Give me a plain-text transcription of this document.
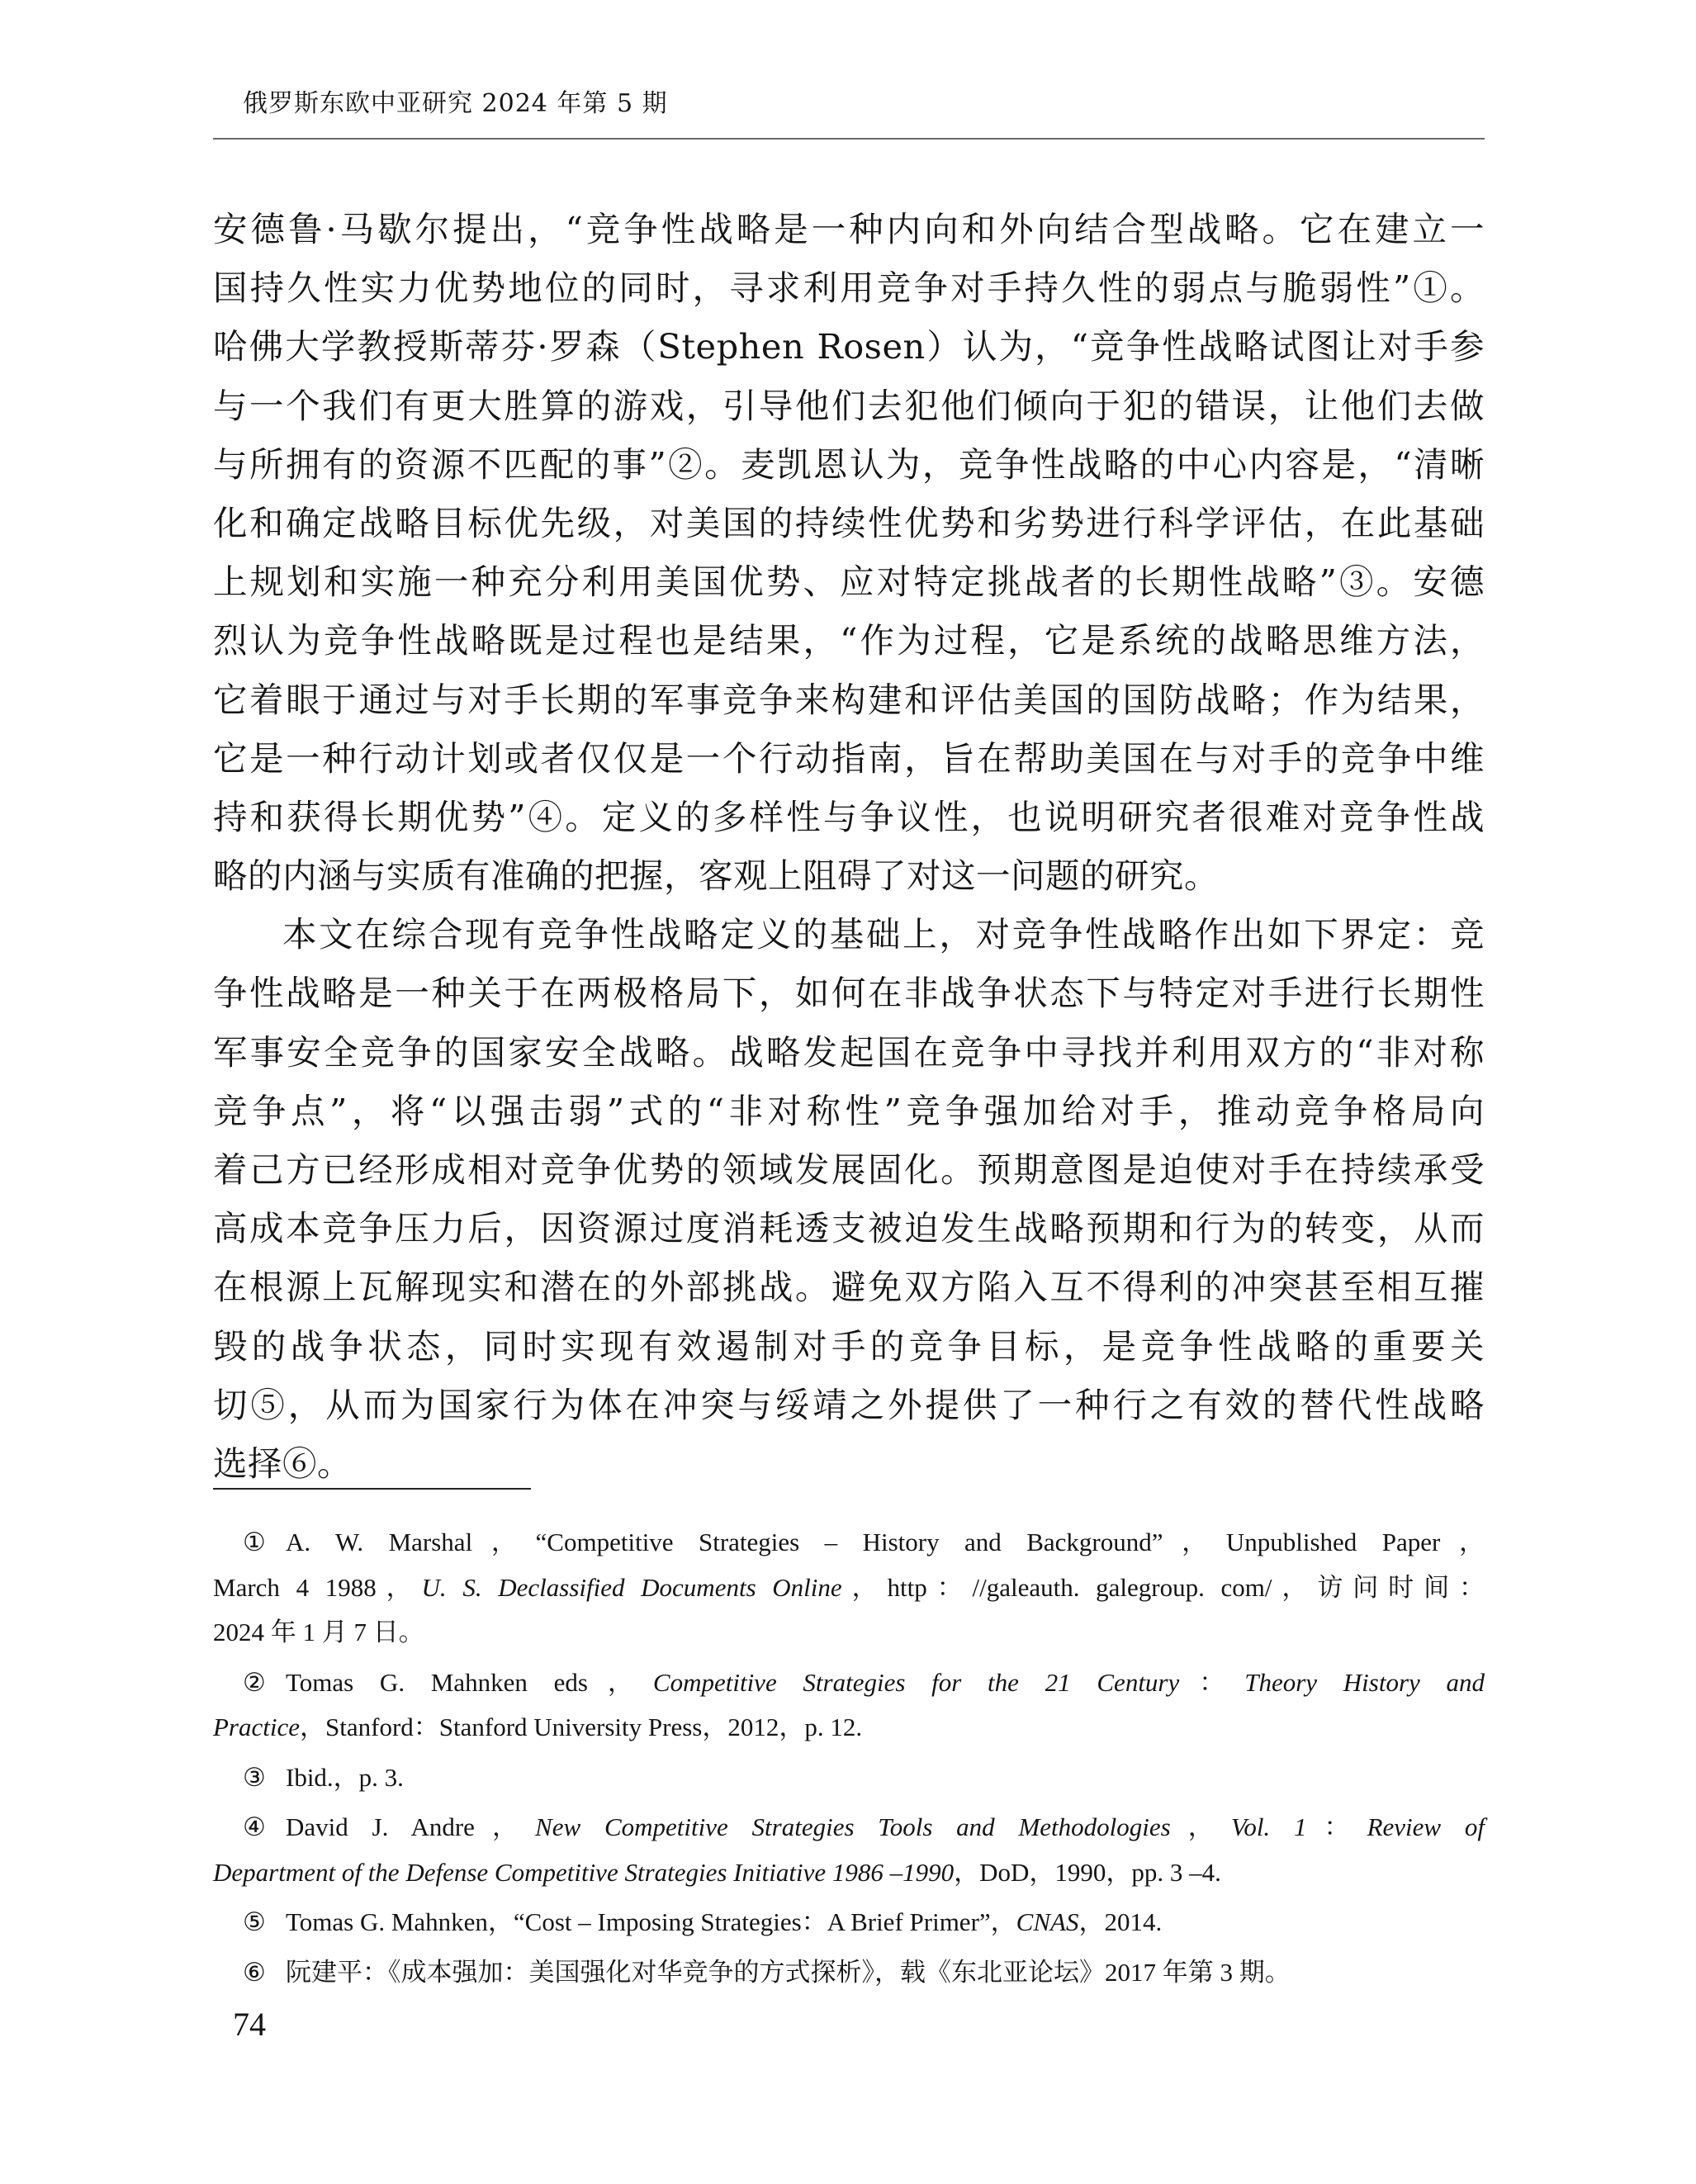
俄罗斯东欧中亚研究 2024 年第 5 期
安德鲁·马歇尔提出，“竞争性战略是一种内向和外向结合型战略。它在建立一
国持久性实力优势地位的同时，寻求利用竞争对手持久性的弱点与脆弱性”①。
哈佛大学教授斯蒂芬·罗森（Stephen Rosen）认为，“竞争性战略试图让对手参
与一个我们有更大胜算的游戏，引导他们去犯他们倾向于犯的错误，让他们去做
与所拥有的资源不匹配的事”②。麦凯恩认为，竞争性战略的中心内容是，“清晰
化和确定战略目标优先级，对美国的持续性优势和劣势进行科学评估，在此基础
上规划和实施一种充分利用美国优势、应对特定挑战者的长期性战略”③。安德
烈认为竞争性战略既是过程也是结果，“作为过程，它是系统的战略思维方法，
它着眼于通过与对手长期的军事竞争来构建和评估美国的国防战略；作为结果，
它是一种行动计划或者仅仅是一个行动指南，旨在帮助美国在与对手的竞争中维
持和获得长期优势”④。定义的多样性与争议性，也说明研究者很难对竞争性战
略的内涵与实质有准确的把握，客观上阻碍了对这一问题的研究。
本文在综合现有竞争性战略定义的基础上，对竞争性战略作出如下界定：竞
争性战略是一种关于在两极格局下，如何在非战争状态下与特定对手进行长期性
军事安全竞争的国家安全战略。战略发起国在竞争中寻找并利用双方的“非对称
竞争点”，将“以强击弱”式的“非对称性”竞争强加给对手，推动竞争格局向
着己方已经形成相对竞争优势的领域发展固化。预期意图是迫使对手在持续承受
高成本竞争压力后，因资源过度消耗透支被迫发生战略预期和行为的转变，从而
在根源上瓦解现实和潜在的外部挑战。避免双方陷入互不得利的冲突甚至相互摧
毁的战争状态，同时实现有效遏制对手的竞争目标，是竞争性战略的重要关
切⑤，从而为国家行为体在冲突与绥靖之外提供了一种行之有效的替代性战略
选择⑥。
① A. W. Marshal，“Competitive Strategies – History and Background”，Unpublished Paper，
March 4 1988，U. S. Declassified Documents Online，http：//galeauth. galegroup. com/，访问时间：
2024 年 1 月 7 日。
② Tomas G. Mahnken eds，Competitive Strategies for the 21 Century：Theory History and
Practice，Stanford：Stanford University Press，2012，p. 12.
③ Ibid.，p. 3.
④ David J. Andre，New Competitive Strategies Tools and Methodologies，Vol. 1：Review of
Department of the Defense Competitive Strategies Initiative 1986 –1990，DoD，1990，pp. 3 –4.
⑤ Tomas G. Mahnken，“Cost – Imposing Strategies：A Brief Primer”，CNAS，2014.
⑥ 阮建平：《成本强加：美国强化对华竞争的方式探析》，载《东北亚论坛》2017 年第 3 期。
74
